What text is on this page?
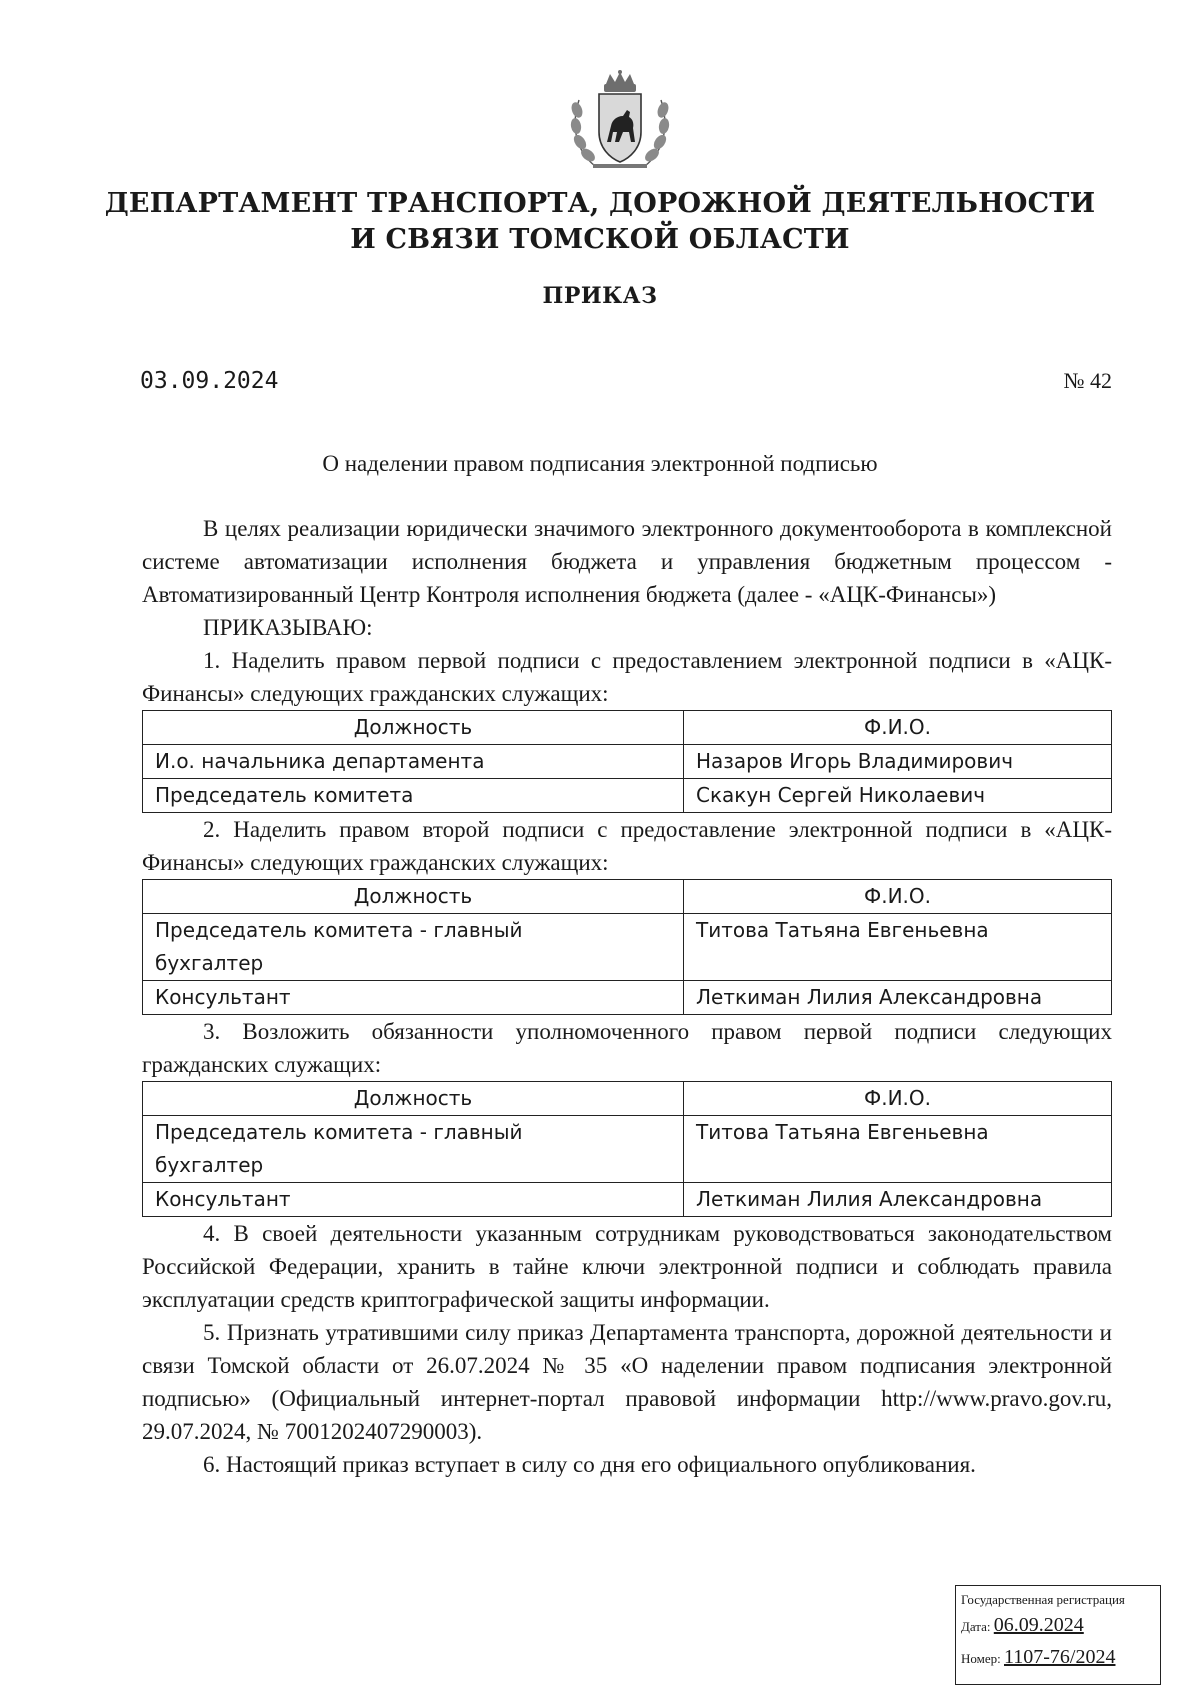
ДЕПАРТАМЕНТ ТРАНСПОРТА, ДОРОЖНОЙ ДЕЯТЕЛЬНОСТИ
И СВЯЗИ ТОМСКОЙ ОБЛАСТИ
ПРИКАЗ
03.09.2024	№ 42
О наделении правом подписания электронной подписью

В целях реализации юридически значимого электронного документооборота в комплексной системе автоматизации исполнения бюджета и управления бюджетным процессом - Автоматизированный Центр Контроля исполнения бюджета (далее - «АЦК-Финансы»)

ПРИКАЗЫВАЮ:

1. Наделить правом первой подписи с предоставлением электронной подписи в «АЦК-Финансы» следующих гражданских служащих:

Должность	Ф.И.О.
И.о. начальника департамента	Назаров Игорь Владимирович
Председатель комитета	Скакун Сергей Николаевич

2. Наделить правом второй подписи с предоставление электронной подписи в «АЦК-Финансы» следующих гражданских служащих:

Должность	Ф.И.О.
Председатель комитета - главный бухгалтер	Титова Татьяна Евгеньевна
Консультант	Леткиман Лилия Александровна

3. Возложить обязанности уполномоченного правом первой подписи следующих гражданских служащих:

Должность	Ф.И.О.
Председатель комитета - главный бухгалтер	Титова Татьяна Евгеньевна
Консультант	Леткиман Лилия Александровна

4. В своей деятельности указанным сотрудникам руководствоваться законодательством Российской Федерации, хранить в тайне ключи электронной подписи и соблюдать правила эксплуатации средств криптографической защиты информации.

5. Признать утратившими силу приказ Департамента транспорта, дорожной деятельности и связи Томской области от 26.07.2024 № 35 «О наделении правом подписания электронной подписью» (Официальный интернет-портал правовой информации http://www.pravo.gov.ru, 29.07.2024, № 7001202407290003).

6. Настоящий приказ вступает в силу со дня его официального опубликования.

Государственная регистрация
Дата: 06.09.2024
Номер: 1107-76/2024
